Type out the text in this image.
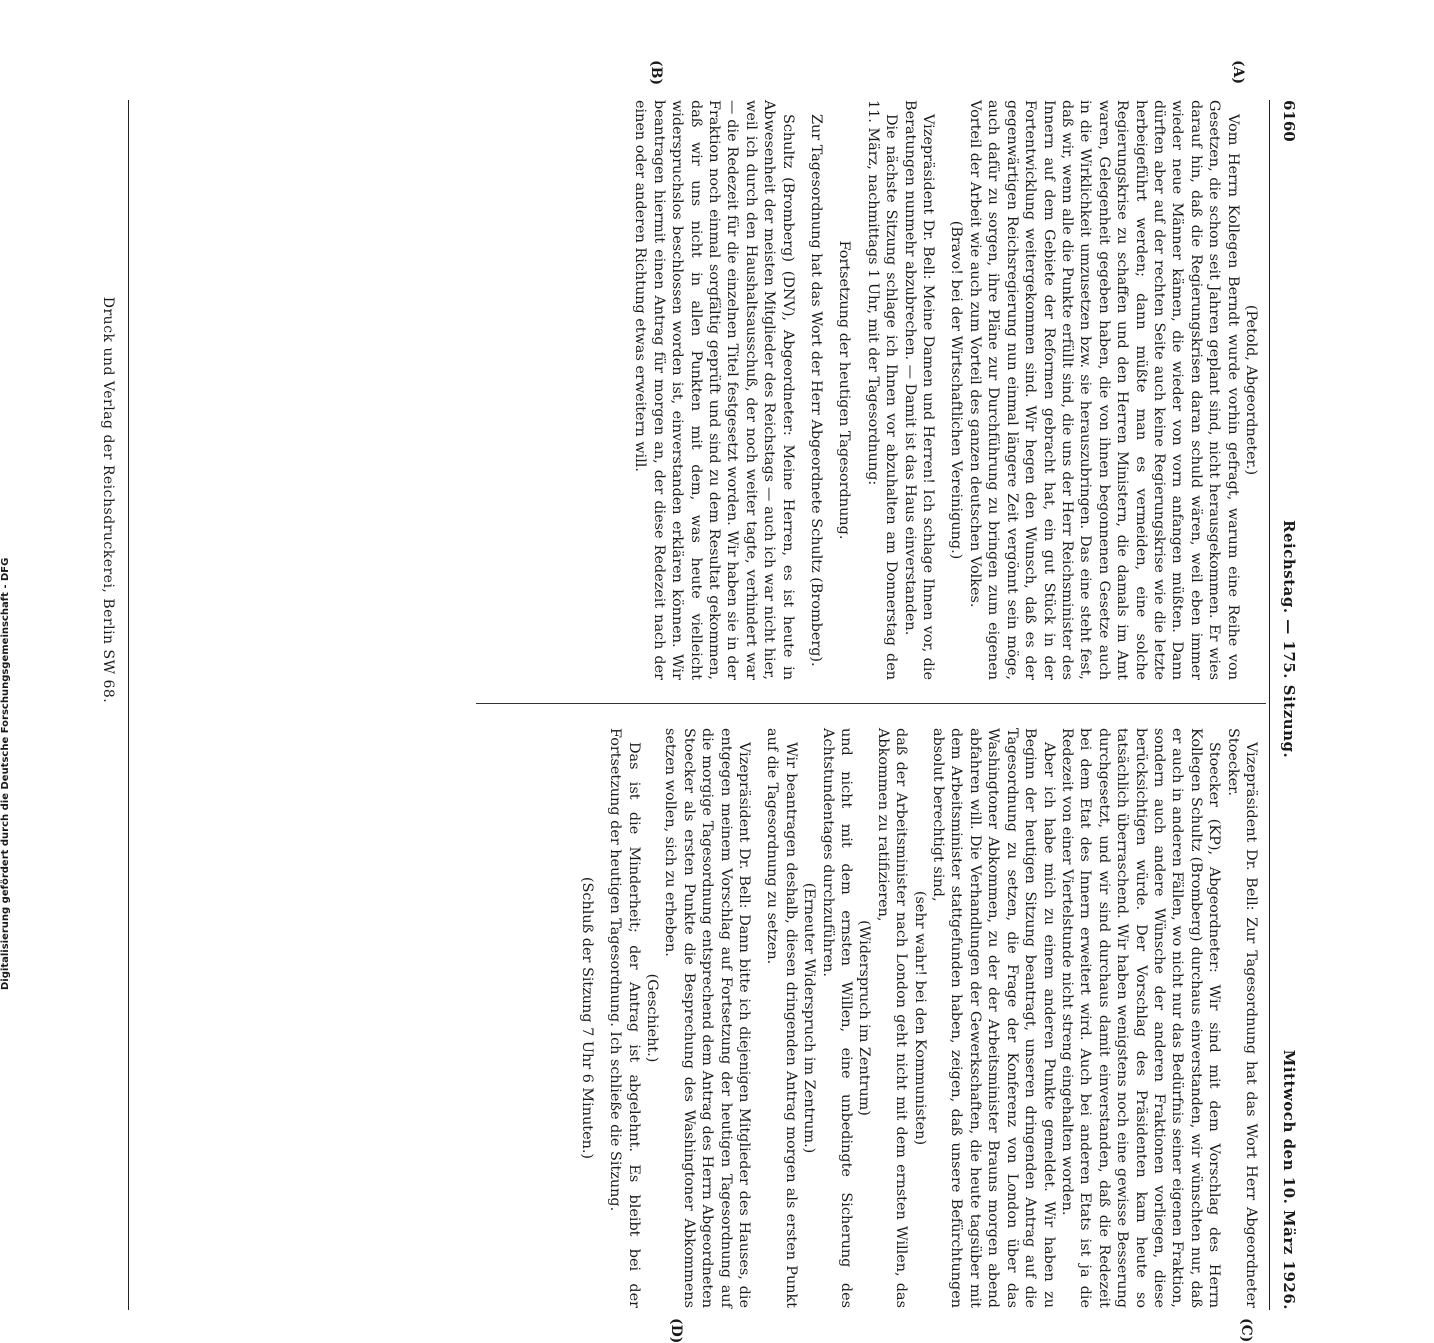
6160
Reichstag. — 175. Sitzung.
Mittwoch den 10. März 1926.
(A)
(B)
(C)
(D)

(Petold, Abgeordneter.)

Vom Herrn Kollegen Berndt wurde vorhin gefragt, warum eine Reihe von Gesetzen, die schon seit Jahren geplant sind, nicht herausgekommen. Er wies darauf hin, daß die Regierungskrisen daran schuld wären, weil eben immer wieder neue Männer kämen, die wieder von vorn anfangen müßten. Dann dürften aber auf der rechten Seite auch keine Regierungskrise wie die letzte herbeigeführt werden; dann müßte man es vermeiden, eine solche Regierungskrise zu schaffen und den Herren Ministern, die damals im Amt waren, Gelegenheit gegeben haben, die von ihnen begonnenen Gesetze auch in die Wirklichkeit umzusetzen bzw. sie herauszubringen. Das eine steht fest, daß wir, wenn alle die Punkte erfüllt sind, die uns der Herr Reichsminister des Innern auf dem Gebiete der Reformen gebracht hat, ein gut Stück in der Fortentwicklung weitergekommen sind. Wir hegen den Wunsch, daß es der gegenwärtigen Reichsregierung nun einmal längere Zeit vergönnt sein möge, auch dafür zu sorgen, ihre Pläne zur Durchführung zu bringen zum eigenen Vorteil der Arbeit wie auch zum Vorteil des ganzen deutschen Volkes.

(Bravo! bei der Wirtschaftlichen Vereinigung.)

Vizepräsident Dr. Bell: Meine Damen und Herren! Ich schlage Ihnen vor, die Beratungen nunmehr abzubrechen. — Damit ist das Haus einverstanden.

Die nächste Sitzung schlage ich Ihnen vor abzuhalten am Donnerstag den 11. März, nachmittags 1 Uhr, mit der Tagesordnung:

Fortsetzung der heutigen Tagesordnung.

Zur Tagesordnung hat das Wort der Herr Abgeordnete Schultz (Bromberg).

Schultz (Bromberg) (DNV), Abgeordneter: Meine Herren, es ist heute in Abwesenheit der meisten Mitglieder des Reichstags — auch ich war nicht hier, weil ich durch den Haushaltsausschuß, der noch weiter tagte, verhindert war — die Redezeit für die einzelnen Titel festgesetzt worden. Wir haben sie in der Fraktion noch einmal sorgfältig geprüft und sind zu dem Resultat gekommen, daß wir uns nicht in allen Punkten mit dem, was heute vielleicht widerspruchslos beschlossen worden ist, einverstanden erklären können. Wir beantragen hiermit einen Antrag für morgen an, der diese Redezeit nach der einen oder anderen Richtung etwas erweitern will.

Vizepräsident Dr. Bell: Zur Tagesordnung hat das Wort Herr Abgeordneter Stoecker.

Stoecker (KP), Abgeordneter: Wir sind mit dem Vorschlag des Herrn Kollegen Schultz (Bromberg) durchaus einverstanden, wir wünschten nur, daß er auch in anderen Fällen, wo nicht nur das Bedürfnis seiner eigenen Fraktion, sondern auch andere Wünsche der anderen Fraktionen vorliegen, diese berücksichtigen würde. Der Vorschlag des Präsidenten kam heute so tatsächlich überraschend. Wir haben wenigstens noch eine gewisse Besserung durchgesetzt, und wir sind durchaus damit einverstanden, daß die Redezeit bei dem Etat des Innern erweitert wird. Auch bei anderen Etats ist ja die Redezeit von einer Viertelstunde nicht streng eingehalten worden.

Aber ich habe mich zu einem anderen Punkte gemeldet. Wir haben zu Beginn der heutigen Sitzung beantragt, unseren dringenden Antrag auf die Tagesordnung zu setzen, die Frage der Konferenz von London über das Washingtoner Abkommen, zu der der Arbeitsminister Brauns morgen abend abfahren will. Die Verhandlungen der Gewerkschaften, die heute tagsüber mit dem Arbeitsminister stattgefunden haben, zeigen, daß unsere Befürchtungen absolut berechtigt sind,

(sehr wahr! bei den Kommunisten)

daß der Arbeitsminister nach London geht nicht mit dem ernsten Willen, das Abkommen zu ratifizieren,

(Widerspruch im Zentrum)

und nicht mit dem ernsten Willen, eine unbedingte Sicherung des Achtstundentages durchzuführen.

(Erneuter Widerspruch im Zentrum.)

Wir beantragen deshalb, diesen dringenden Antrag morgen als ersten Punkt auf die Tagesordnung zu setzen.

Vizepräsident Dr. Bell: Dann bitte ich diejenigen Mitglieder des Hauses, die entgegen meinem Vorschlag auf Fortsetzung der heutigen Tagesordnung auf die morgige Tagesordnung entsprechend dem Antrag des Herrn Abgeordneten Stoecker als ersten Punkte die Besprechung des Washingtoner Abkommens setzen wollen, sich zu erheben.

(Geschieht.)

Das ist die Minderheit; der Antrag ist abgelehnt. Es bleibt bei der Fortsetzung der heutigen Tagesordnung. Ich schließe die Sitzung.

(Schluß der Sitzung 7 Uhr 6 Minuten.)

Druck und Verlag der Reichsdruckerei, Berlin SW 68.
Digitalisierung gefördert durch die Deutsche Forschungsgemeinschaft - DFG
